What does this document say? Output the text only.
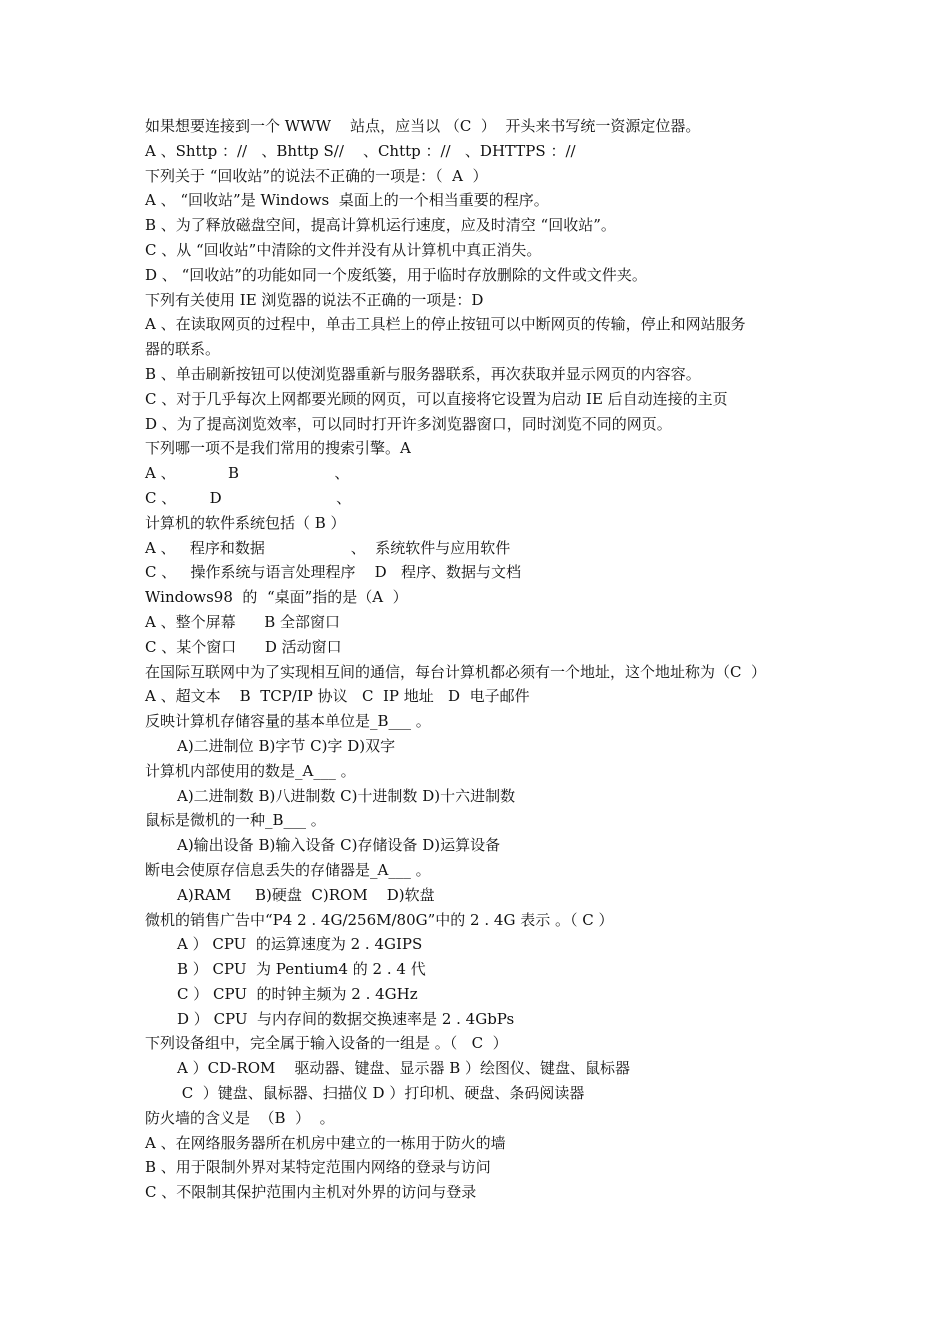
如果想要连接到一个 WWW    站点，应当以 （C  ）  开头来书写统一资源定位器。

A 、Shttp ：//   、Bhttp S//    、Chttp ：//   、DHTTPS ：//

下列关于 “回收站”的说法不正确的一项是：（  A  ）

A 、 “回收站”是 Windows  桌面上的一个相当重要的程序。

B 、为了释放磁盘空间，提高计算机运行速度，应及时清空 “回收站”。

C 、从 “回收站”中清除的文件并没有从计算机中真正消失。

D 、 “回收站”的功能如同一个废纸篓，用于临时存放删除的文件或文件夹。

下列有关使用 IE 浏览器的说法不正确的一项是：D

A 、在读取网页的过程中，单击工具栏上的停止按钮可以中断网页的传输，停止和网站服务

器的联系。

B 、单击刷新按钮可以使浏览器重新与服务器联系，再次获取并显示网页的内容容。

C 、对于几乎每次上网都要光顾的网页，可以直接将它设置为启动 IE 后自动连接的主页

D 、为了提高浏览效率，可以同时打开许多浏览器窗口，同时浏览不同的网页。

下列哪一项不是我们常用的搜索引擎。A

A 、           B                    、

C 、       D                        、

计算机的软件系统包括（ B ）

A 、   程序和数据                  、  系统软件与应用软件

C 、   操作系统与语言处理程序    D   程序、数据与文档

Windows98  的  “桌面”指的是（A  ）

A 、整个屏幕      B 全部窗口

C 、某个窗口      D 活动窗口

在国际互联网中为了实现相互间的通信，每台计算机都必须有一个地址，这个地址称为（C  ）

A 、超文本    B  TCP/IP 协议   C  IP 地址   D  电子邮件

反映计算机存储容量的基本单位是_B___ 。

A)二进制位 B)字节 C)字 D)双字

计算机内部使用的数是_A___ 。

A)二进制数 B)八进制数 C)十进制数 D)十六进制数

鼠标是微机的一种_B___ 。

A)输出设备 B)输入设备 C)存储设备 D)运算设备

断电会使原存信息丢失的存储器是_A___ 。

A)RAM     B)硬盘  C)ROM    D)软盘

微机的销售广告中“P4 2 . 4G/256M/80G”中的 2 . 4G 表示 。（ C ）

A ） CPU  的运算速度为 2 . 4GIPS

B ） CPU  为 Pentium4 的 2 . 4 代

C ） CPU  的时钟主频为 2 . 4GHz

D ） CPU  与内存间的数据交换速率是 2 . 4GbPs

下列设备组中，完全属于输入设备的一组是 。（   C  ）

A ）CD-ROM    驱动器、键盘、显示器 B ）绘图仪、键盘、鼠标器

C  ）键盘、鼠标器、扫描仪 D ）打印机、硬盘、条码阅读器

防火墙的含义是  （B  ）  。

A 、在网络服务器所在机房中建立的一栋用于防火的墙

B 、用于限制外界对某特定范围内网络的登录与访问

C 、不限制其保护范围内主机对外界的访问与登录
